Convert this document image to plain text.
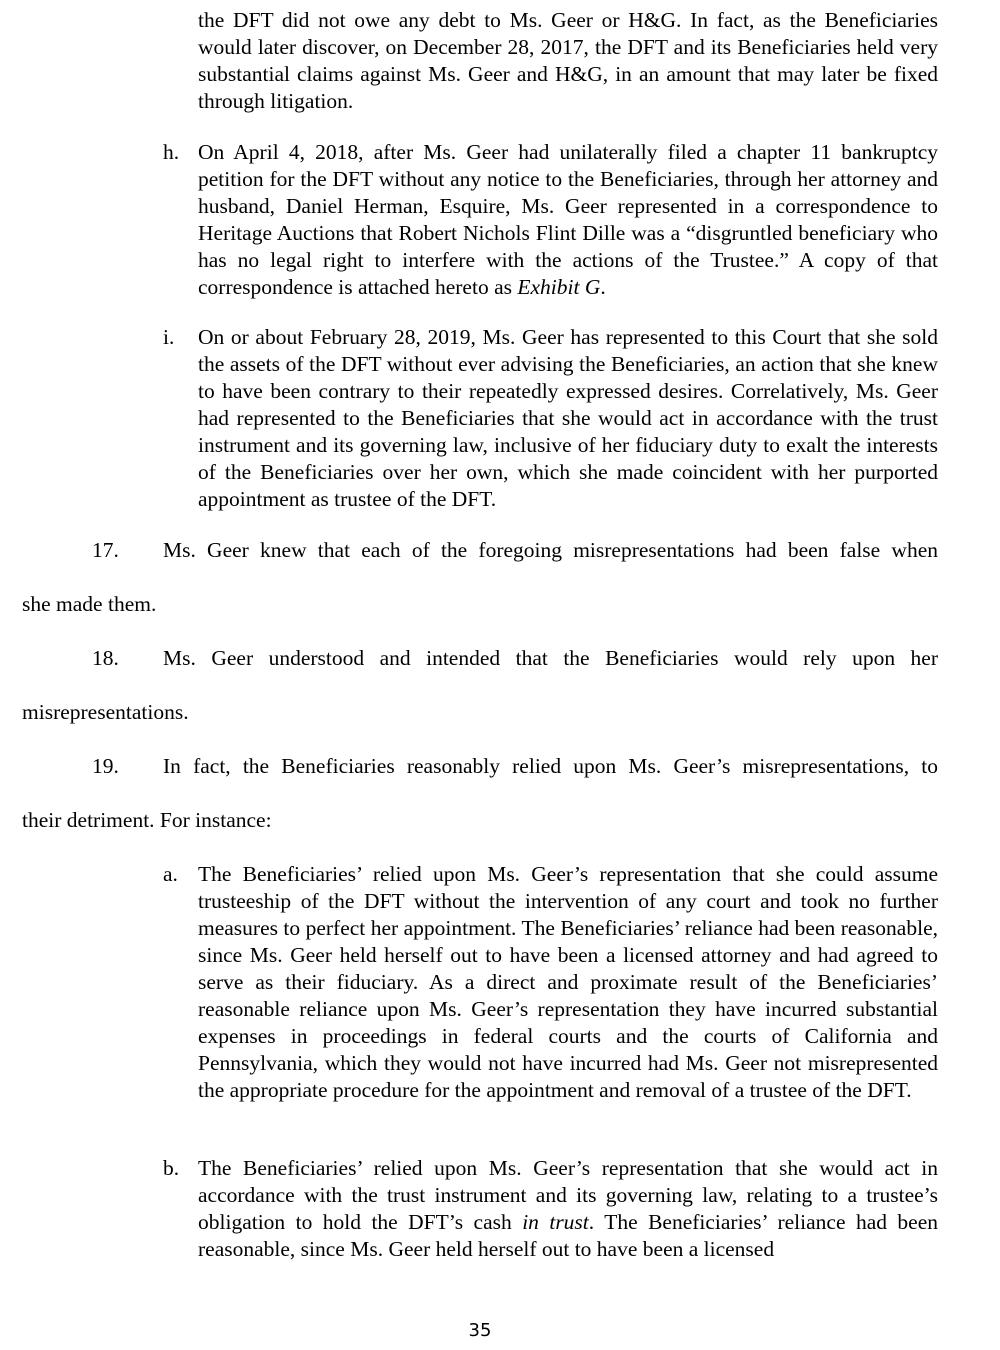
the DFT did not owe any debt to Ms. Geer or H&G. In fact, as the Beneficiaries would later discover, on December 28, 2017, the DFT and its Beneficiaries held very substantial claims against Ms. Geer and H&G, in an amount that may later be fixed through litigation.
h. On April 4, 2018, after Ms. Geer had unilaterally filed a chapter 11 bankruptcy petition for the DFT without any notice to the Beneficiaries, through her attorney and husband, Daniel Herman, Esquire, Ms. Geer represented in a correspondence to Heritage Auctions that Robert Nichols Flint Dille was a “disgruntled beneficiary who has no legal right to interfere with the actions of the Trustee.” A copy of that correspondence is attached hereto as Exhibit G.
i. On or about February 28, 2019, Ms. Geer has represented to this Court that she sold the assets of the DFT without ever advising the Beneficiaries, an action that she knew to have been contrary to their repeatedly expressed desires. Correlatively, Ms. Geer had represented to the Beneficiaries that she would act in accordance with the trust instrument and its governing law, inclusive of her fiduciary duty to exalt the interests of the Beneficiaries over her own, which she made coincident with her purported appointment as trustee of the DFT.
17. Ms. Geer knew that each of the foregoing misrepresentations had been false when
she made them.
18. Ms. Geer understood and intended that the Beneficiaries would rely upon her
misrepresentations.
19. In fact, the Beneficiaries reasonably relied upon Ms. Geer’s misrepresentations, to
their detriment. For instance:
a. The Beneficiaries’ relied upon Ms. Geer’s representation that she could assume trusteeship of the DFT without the intervention of any court and took no further measures to perfect her appointment. The Beneficiaries’ reliance had been reasonable, since Ms. Geer held herself out to have been a licensed attorney and had agreed to serve as their fiduciary. As a direct and proximate result of the Beneficiaries’ reasonable reliance upon Ms. Geer’s representation they have incurred substantial expenses in proceedings in federal courts and the courts of California and Pennsylvania, which they would not have incurred had Ms. Geer not misrepresented the appropriate procedure for the appointment and removal of a trustee of the DFT.
b. The Beneficiaries’ relied upon Ms. Geer’s representation that she would act in accordance with the trust instrument and its governing law, relating to a trustee’s obligation to hold the DFT’s cash in trust. The Beneficiaries’ reliance had been reasonable, since Ms. Geer held herself out to have been a licensed
35
